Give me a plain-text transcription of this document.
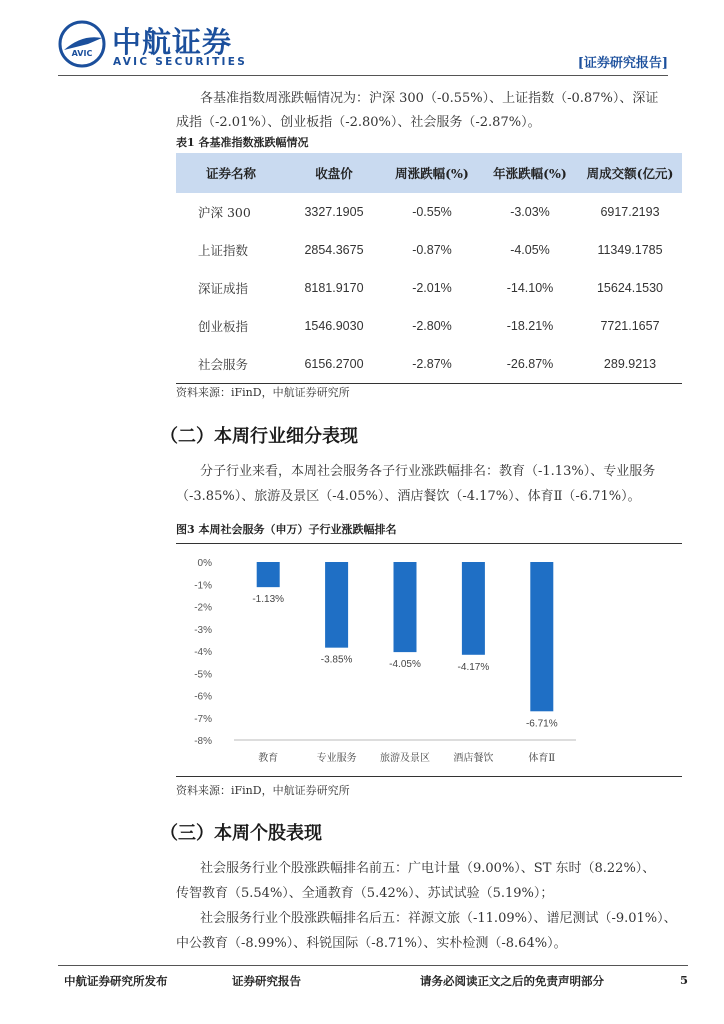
AVIC 中航证券
AVIC SECURITIES	[证券研究报告]
各基准指数周涨跌幅情况为：沪深 300（-0.55%）、上证指数（-0.87%）、深证
成指（-2.01%）、创业板指（-2.80%）、社会服务（-2.87%）。
表1 各基准指数涨跌幅情况
证券名称	收盘价	周涨跌幅(%)	年涨跌幅(%)	周成交额(亿元)
沪深 300	3327.1905	-0.55%	-3.03%	6917.2193
上证指数	2854.3675	-0.87%	-4.05%	11349.1785
深证成指	8181.9170	-2.01%	-14.10%	15624.1530
创业板指	1546.9030	-2.80%	-18.21%	7721.1657
社会服务	6156.2700	-2.87%	-26.87%	289.9213
资料来源：iFinD，中航证券研究所
（二）本周行业细分表现
分子行业来看，本周社会服务各子行业涨跌幅排名：教育（-1.13%）、专业服务
（-3.85%）、旅游及景区（-4.05%）、酒店餐饮（-4.17%）、体育Ⅱ（-6.71%）。
图3 本周社会服务（申万）子行业涨跌幅排名
0%
-1%
-2%
-3%
-4%
-5%
-6%
-7%
-8%
-1.13%
教育
-3.85%
专业服务
-4.05%
旅游及景区
-4.17%
酒店餐饮
-6.71%
体育Ⅱ
资料来源：iFinD，中航证券研究所
（三）本周个股表现
社会服务行业个股涨跌幅排名前五：广电计量（9.00%）、ST 东时（8.22%）、
传智教育（5.54%）、全通教育（5.42%）、苏试试验（5.19%）；
社会服务行业个股涨跌幅排名后五：祥源文旅（-11.09%）、谱尼测试（-9.01%）、
中公教育（-8.99%）、科锐国际（-8.71%）、实朴检测（-8.64%）。
中航证券研究所发布	证券研究报告	请务必阅读正文之后的免责声明部分	5
